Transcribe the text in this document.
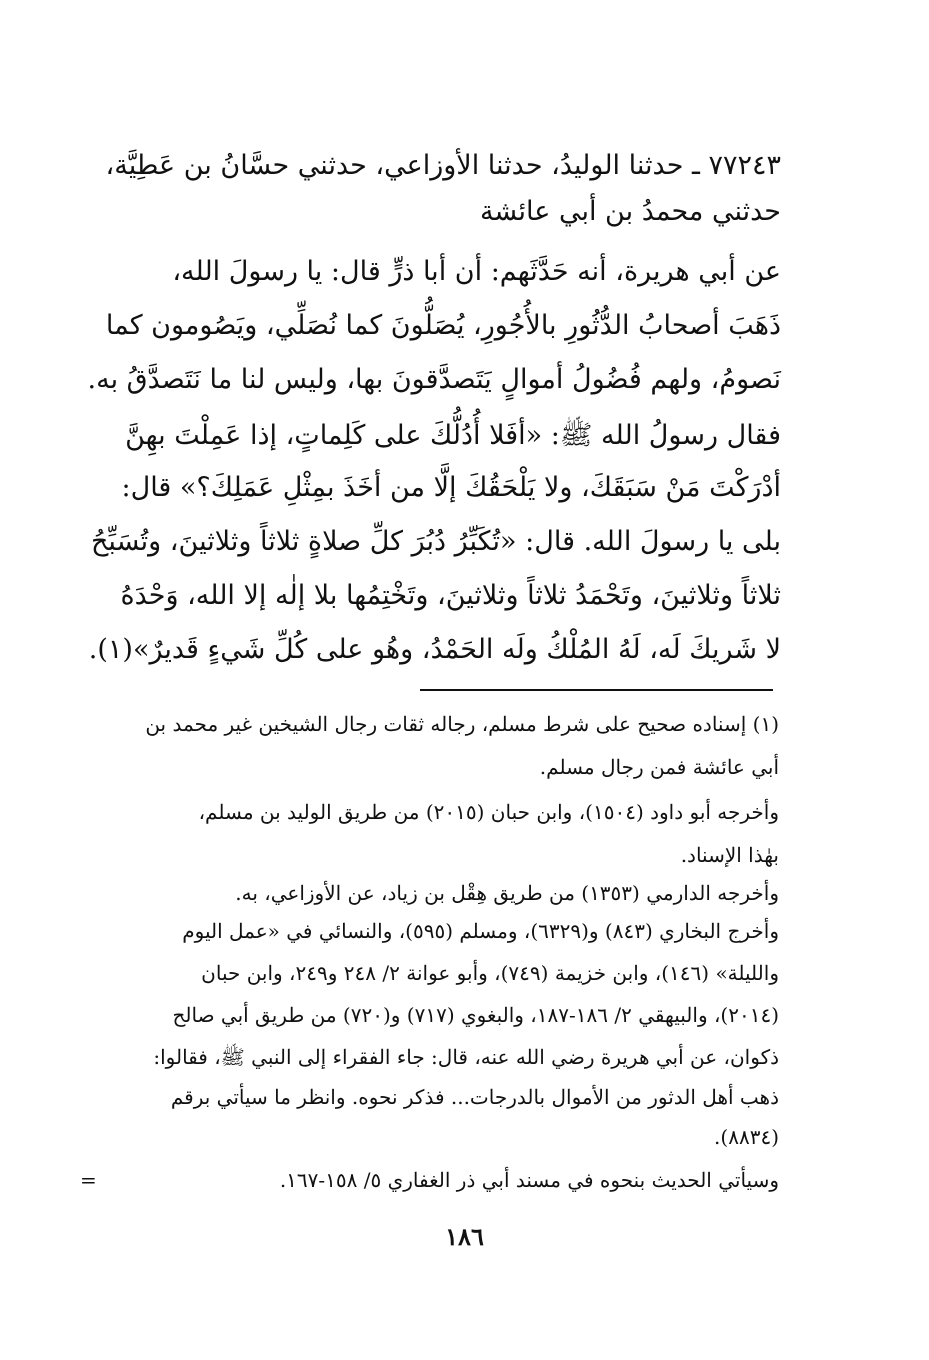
٧٧٢٤٣ ـ حدثنا الوليدُ، حدثنا الأوزاعي، حدثني حسَّانُ بن عَطِيَّة،
حدثني محمدُ بن أبي عائشة
عن أبي هريرة، أنه حَدَّثَهم: أن أبا ذرٍّ قال: يا رسولَ الله،
ذَهَبَ أصحابُ الدُّثُورِ بالأُجُورِ، يُصَلُّونَ كما نُصَلِّي، ويَصُومون كما
نَصومُ، ولهم فُضُولُ أموالٍ يَتَصدَّقونَ بها، وليس لنا ما نَتَصدَّقُ به.
فقال رسولُ الله ﷺ: «أفَلا أُدُلُّكَ على كَلِماتٍ، إذا عَمِلْتَ بهِنَّ
أدْرَكْتَ مَنْ سَبَقَكَ، ولا يَلْحَقُكَ إلَّا من أخَذَ بمِثْلِ عَمَلِكَ؟» قال:
بلى يا رسولَ الله. قال: «تُكَبِّرُ دُبُرَ كلِّ صلاةٍ ثلاثاً وثلاثينَ، وتُسَبِّحُ
ثلاثاً وثلاثينَ، وتَحْمَدُ ثلاثاً وثلاثينَ، وتَخْتِمُها بلا إلٰه إلا الله، وَحْدَهُ
لا شَريكَ لَه، لَهُ المُلْكُ ولَه الحَمْدُ، وهُو على كُلِّ شَيءٍ قَديرٌ»(١).
(١) إسناده صحيح على شرط مسلم، رجاله ثقات رجال الشيخين غير محمد بن
أبي عائشة فمن رجال مسلم.
وأخرجه أبو داود (١٥٠٤)، وابن حبان (٢٠١٥) من طريق الوليد بن مسلم،
بهٰذا الإسناد.
وأخرجه الدارمي (١٣٥٣) من طريق هِقْل بن زياد، عن الأوزاعي، به.
وأخرج البخاري (٨٤٣) و(٦٣٢٩)، ومسلم (٥٩٥)، والنسائي في «عمل اليوم
والليلة» (١٤٦)، وابن خزيمة (٧٤٩)، وأبو عوانة ٢/ ٢٤٨ و٢٤٩، وابن حبان
(٢٠١٤)، والبيهقي ٢/ ١٨٦-١٨٧، والبغوي (٧١٧) و(٧٢٠) من طريق أبي صالح
ذكوان، عن أبي هريرة رضي الله عنه، قال: جاء الفقراء إلى النبي ﷺ، فقالوا:
ذهب أهل الدثور من الأموال بالدرجات... فذكر نحوه. وانظر ما سيأتي برقم
(٨٨٣٤).
وسيأتي الحديث بنحوه في مسند أبي ذر الغفاري ٥/ ١٥٨-١٦٧.
=
١٨٦
